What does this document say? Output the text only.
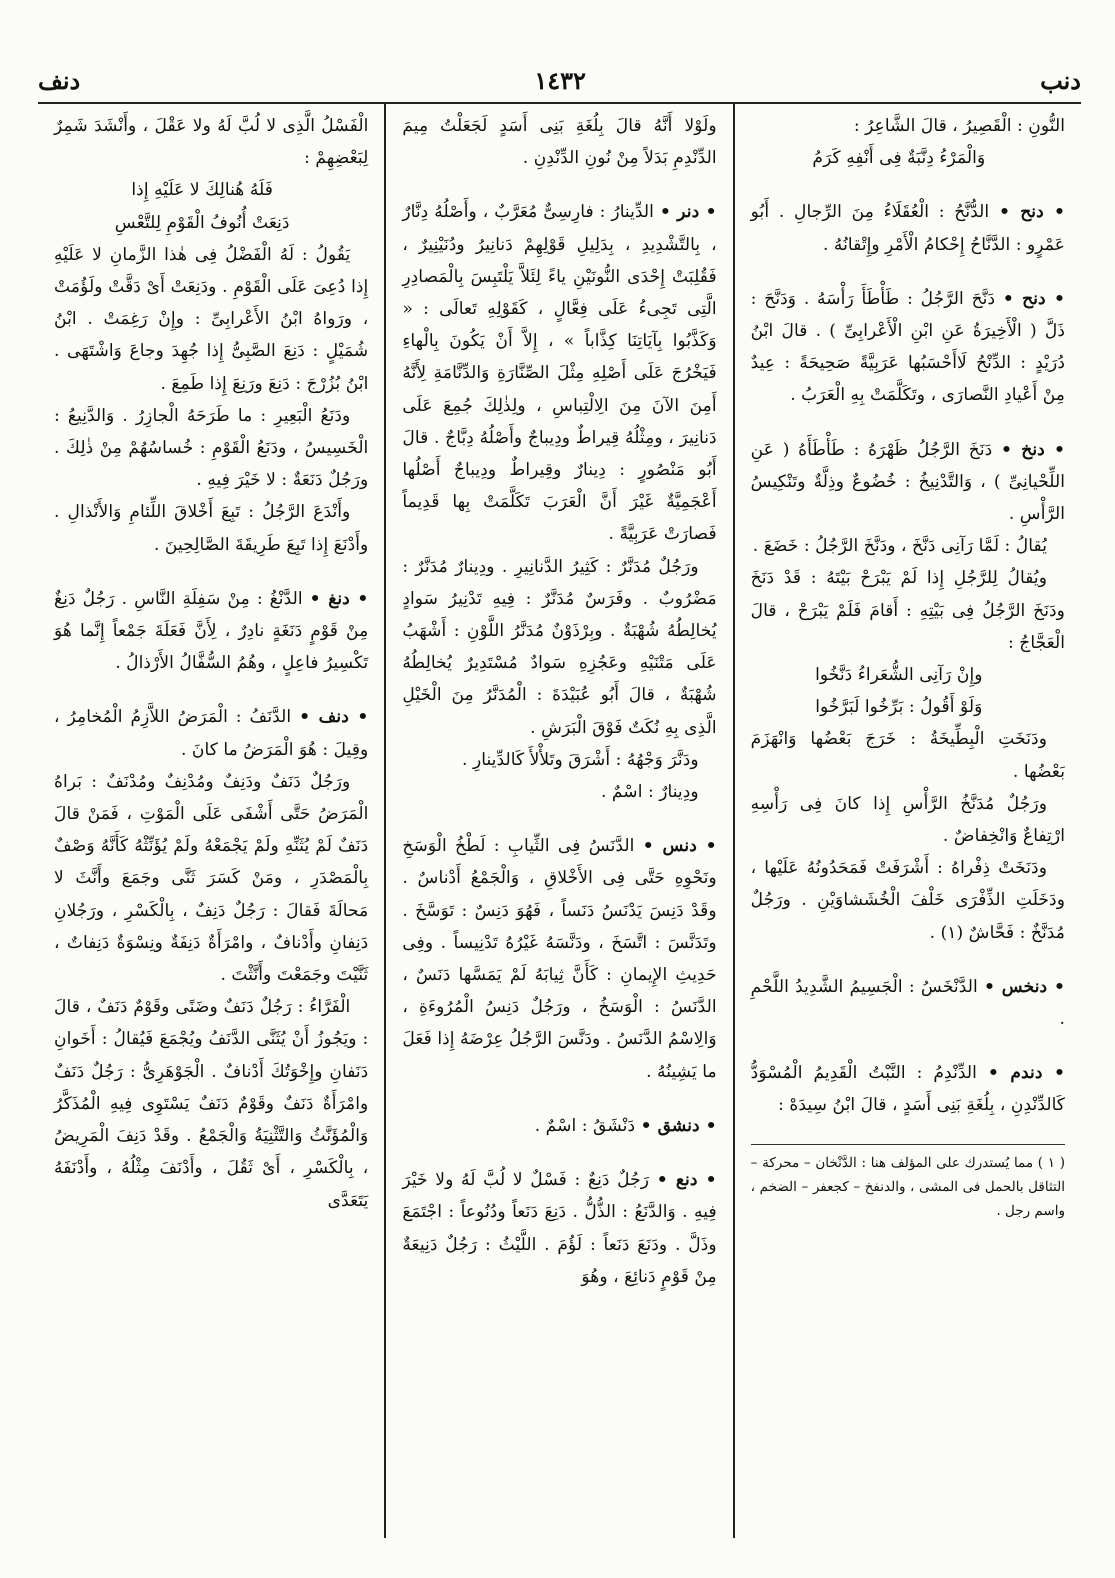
دنب
١٤٣٢
دنف

النُّونِ : الْقَصِيرُ ، قالَ الشَّاعِرُ :

وَالْمَرْءُ دِنَّبَةٌ فِى أَنْفِهِ كَرَمُ

• دنح • الدُّنَّحُ : الْعُقَلَاءُ مِنَ الرِّجالِ . أَبُو عَمْرٍو : الدَّنَّاحُ إِحْكامُ الْأَمْرِ وإِتْقانُهُ .

• دنح • دَنَّحَ الرَّجُلُ : طَأْطَأَ رَأْسَهُ . وَدَنَّحَ : ذَلَّ ( الْأَخِيرَةُ عَنِ ابْنِ الْأَعْرابِىِّ ) . قالَ ابْنُ دُرَيْدٍ : الدِّنْحُ لَاأَحْسَبُها عَرَبِيَّةً صَحِيحَةً : عِيدٌ مِنْ أَعْيادِ النَّصارَى ، وتَكَلَّمَتْ بِهِ الْعَرَبُ .

• دنخ • دَنَخَ الرَّجُلُ ظَهْرَهُ : طَأْطَأَهُ ( عَنِ اللِّحْيانِىِّ ) ، وَالتَّدْنِيخُ : خُضُوعٌ وذِلَّةٌ وتَنْكِيسُ الرَّأْسِ .

يُقالُ : لَمَّا رَآنِى دَنَّخَ ، ودَنَّخَ الرَّجُلُ : خَضَعَ .

ويُقالُ لِلرَّجُلِ إِذا لَمْ يَبْرَحْ بَيْتَهُ : قَدْ دَنَخَ ودَنَخَ الرَّجُلُ فِى بَيْتِهِ : أَقامَ فَلَمْ يَبْرَحْ ، قالَ الْعَجَّاجُ :

وإِنْ رَآنِى الشُّعَراءُ دَنَّخُوا

وَلَوْ أَقُولُ : بَرِّخُوا لَبَرَّخُوا

ودَنَخَتِ الْبِطِّيخَةُ : خَرَجَ بَعْضُها وَانْهَزَمَ بَعْضُها .

ورَجُلٌ مُدَنَّخُ الرَّأْسِ إِذا كانَ فِى رَأْسِهِ ارْتِفاعٌ وَانْخِفاضٌ .

ودَنَخَتْ ذِفْراهُ : أَشْرَفَتْ فَمَحَدُونُهُ عَلَيْها ، ودَخَلَتِ الذِّفْرَى خَلْفَ الْخُشَشاوَيْنِ . ورَجُلٌ مُدَنَّخٌ : فَحَّاشٌ (١) .

• دنخس • الدَّنْخَسُ : الْجَسِيمُ الشَّدِيدُ اللَّحْمِ .

• دندم • الدِّنْدِمُ : النَّبْتُ الْقَدِيمُ الْمُسْوَدُّ كَالدِّنْدِنِ ، بِلُغَةِ بَنِى أَسَدٍ ، قالَ ابْنُ سِيدَهْ :

( ١ ) مما يُستدرك على المؤلف هنا : الدَّنْخان – محركة – التثاقل بالحمل فى المشى ، والدنفخ – كجعفر – الضخم ، واسم رجل .

ولَوْلا أَنَّهُ قالَ بِلُغَةِ بَنِى أَسَدٍ لَجَعَلْتُ مِيمَ الدِّنْدِمِ بَدَلاً مِنْ نُونِ الدِّنْدِنِ .

• دنر • الدِّينارُ : فارِسِىٌّ مُعَرَّبٌ ، وأَصْلُهُ دِنَّارٌ ، بِالتَّشْدِيدِ ، بِدَلِيلِ قَوْلِهِمْ دَنانِيرُ ودُنَيْنِيرٌ ، فَقُلِبَتْ إِحْدَى النُّونَيْنِ ياءً لِئَلاَّ يَلْتَبِسَ بِالْمَصادِرِ الَّتِى تَجِىءُ عَلَى فِعَّالٍ ، كَقَوْلِهِ تَعالَى : « وَكَذَّبُوا بِآيَاتِنَا كِذَّاباً » ، إِلاَّ أَنْ يَكُونَ بِالْهاءِ فَيَخْرُجَ عَلَى أَصْلِهِ مِثْلَ الصِّنَّارَةِ وَالدِّنَّامَةِ لِأَنَّهُ أَمِنَ الآنَ مِنَ الِالْتِباسِ ، ولِذٰلِكَ جُمِعَ عَلَى دَنانِيرَ ، ومِثْلُهُ قِيراطٌ ودِيباجٌ وأَصْلُهُ دِبَّاجٌ . قالَ أَبُو مَنْصُورٍ : دِينارٌ وقِيراطٌ ودِيباجٌ أَصْلُها أَعْجَمِيَّةٌ غَيْرَ أَنَّ الْعَرَبَ تَكَلَّمَتْ بِها قَدِيماً فَصارَتْ عَرَبِيَّةً .

ورَجُلٌ مُدَنَّرٌ : كَثِيرُ الدَّنانِيرِ . ودِينارٌ مُدَنَّرٌ : مَضْرُوبٌ . وفَرَسٌ مُدَنَّرٌ : فِيهِ تَدْنِيرُ سَوادٍ يُخالِطُهُ شُهْبَةٌ . وبِرْذَوْنٌ مُدَنَّرُ اللَّوْنِ : أَشْهَبُ عَلَى مَتْنَيْهِ وعَجُزِهِ سَوادٌ مُسْتَدِيرٌ يُخالِطُهُ شُهْبَةٌ ، قالَ أَبُو عُبَيْدَةَ : الْمُدَنَّرُ مِنَ الْخَيْلِ الَّذِى بِهِ نُكَتٌ فَوْقَ الْبَرَشِ .

ودَنَّرَ وَجْهُهُ : أَشْرَقَ وتَلأْلأَ كَالدِّينارِ .

ودِينارٌ : اسْمٌ .

• دنس • الدَّنَسُ فِى الثِّيابِ : لَطْخُ الْوَسَخِ ونَحْوِهِ حَتَّى فِى الأَخْلاقِ ، وَالْجَمْعُ أَدْناسٌ . وقَدْ دَنِسَ يَدْنَسُ دَنَساً ، فَهُوَ دَنِسٌ : تَوَسَّخَ . وتَدَنَّسَ : اتَّسَخَ ، ودَنَّسَهُ غَيْرُهُ تَدْنِيساً . وفِى حَدِيثِ الإِيمانِ : كَأَنَّ ثِيابَهُ لَمْ يَمَسَّها دَنَسٌ ، الدَّنَسُ : الْوَسَخُ ، ورَجُلٌ دَنِسُ الْمُرُوءَةِ ، وَالِاسْمُ الدَّنَسُ . ودَنَّسَ الرَّجُلُ عِرْضَهُ إِذا فَعَلَ ما يَشِينُهُ .

• دنشق • دَنْشَقُ : اسْمٌ .

• دنع • رَجُلٌ دَنِعٌ : فَسْلٌ لا لُبَّ لَهُ ولا خَيْرَ فِيهِ . وَالدَّنَعُ : الذُّلُّ . دَنِعَ دَنَعاً ودُنُوعاً : اجْتَمَعَ وذَلَّ . ودَنَعَ دَنَعاً : لَؤُمَ . اللَّيْثُ : رَجُلٌ دَنِيعَةٌ مِنْ قَوْمٍ دَنائِعَ ، وهُوَ

الْفَسْلُ الَّذِى لا لُبَّ لَهُ ولا عَقْلَ ، وأَنْشَدَ شَمِرٌ لِبَعْضِهِمْ :

فَلَهُ هُنالِكَ لا عَلَيْهِ إِذا

دَنِعَتْ أُنُوفُ الْقَوْمِ لِلتَّعْسِ

يَقُولُ : لَهُ الْفَضْلُ فِى هٰذا الزَّمانِ لا عَلَيْهِ إِذا دُعِىَ عَلَى الْقَوْمِ . ودَنِعَتْ أَىْ دَقَّتْ ولَؤُمَتْ ، ورَواهُ ابْنُ الأَعْرابِىِّ : وإِنْ رَغِمَتْ . ابْنُ شُمَيْلٍ : دَنِعَ الصَّبِىُّ إِذا جُهِدَ وجاعَ وَاشْتَهَى . ابْنُ بُزُرْجَ : دَنِعَ ورَنِعَ إِذا طَمِعَ .

ودَنَعُ الْبَعِيرِ : ما طَرَحَهُ الْجازِرُ . وَالدَّنِيعُ : الْخَسِيسُ ، ودَنَعُ الْقَوْمِ : خُساسُهُمْ مِنْ ذٰلِكَ . ورَجُلٌ دَنَعَةٌ : لا خَيْرَ فِيهِ .

وأَنْدَعَ الرَّجُلُ : تَبِعَ أَخْلاقَ اللِّئامِ وَالأَنْذالِ . وأَدْنَعَ إِذا تَبِعَ طَرِيقَةَ الصَّالِحِينَ .

• دنغ • الدَّنْغُ : مِنْ سَفِلَةِ النَّاسِ . رَجُلٌ دَنِغٌ مِنْ قَوْمٍ دَنَغَةٍ نادِرٌ ، لِأَنَّ فَعَلَةَ جَمْعاً إِنَّما هُوَ تَكْسِيرُ فاعِلٍ ، وهُمُ السُّفَّالُ الأَرْذالُ .

• دنف • الدَّنَفُ : الْمَرَضُ اللاَّزِمُ الْمُخامِرُ ، وقِيلَ : هُوَ الْمَرَضُ ما كانَ .

ورَجُلٌ دَنَفٌ ودَنِفٌ ومُدْنِفٌ ومُدْنَفٌ : بَراهُ الْمَرَضُ حَتَّى أَشْفَى عَلَى الْمَوْتِ ، فَمَنْ قالَ دَنَفٌ لَمْ يُثَنِّهِ ولَمْ يَجْمَعْهُ ولَمْ يُؤَنِّثْهُ كَأَنَّهُ وَصْفٌ بِالْمَصْدَرِ ، ومَنْ كَسَرَ ثَنَّى وجَمَعَ وأَنَّثَ لا مَحالَةَ فَقالَ : رَجُلٌ دَنِفٌ ، بِالْكَسْرِ ، ورَجُلانِ دَنِفانِ وأَدْنافٌ ، وامْرَأَةٌ دَنِفَةٌ ونِسْوَةٌ دَنِفاتٌ ، ثَنَّيْتَ وجَمَعْتَ وأَنَّثْتَ .

الْفَرَّاءُ : رَجُلٌ دَنَفٌ وضَنًى وقَوْمٌ دَنَفٌ ، قالَ : ويَجُوزُ أَنْ يُثَنَّى الدَّنَفُ ويُجْمَعَ فَيُقالُ : أَخَوانِ دَنَفانِ وإِخْوَتُكَ أَدْنافٌ . الْجَوْهَرِىُّ : رَجُلٌ دَنَفٌ وامْرَأَةٌ دَنَفٌ وقَوْمٌ دَنَفٌ يَسْتَوِى فِيهِ الْمُذَكَّرُ وَالْمُؤَنَّثُ وَالتَّثْنِيَةُ وَالْجَمْعُ . وقَدْ دَنِفَ الْمَرِيضُ ، بِالْكَسْرِ ، أَىْ ثَقُلَ ، وأَدْنَفَ مِثْلُهُ ، وأَدْنَفَهُ يَتَعَدَّى
